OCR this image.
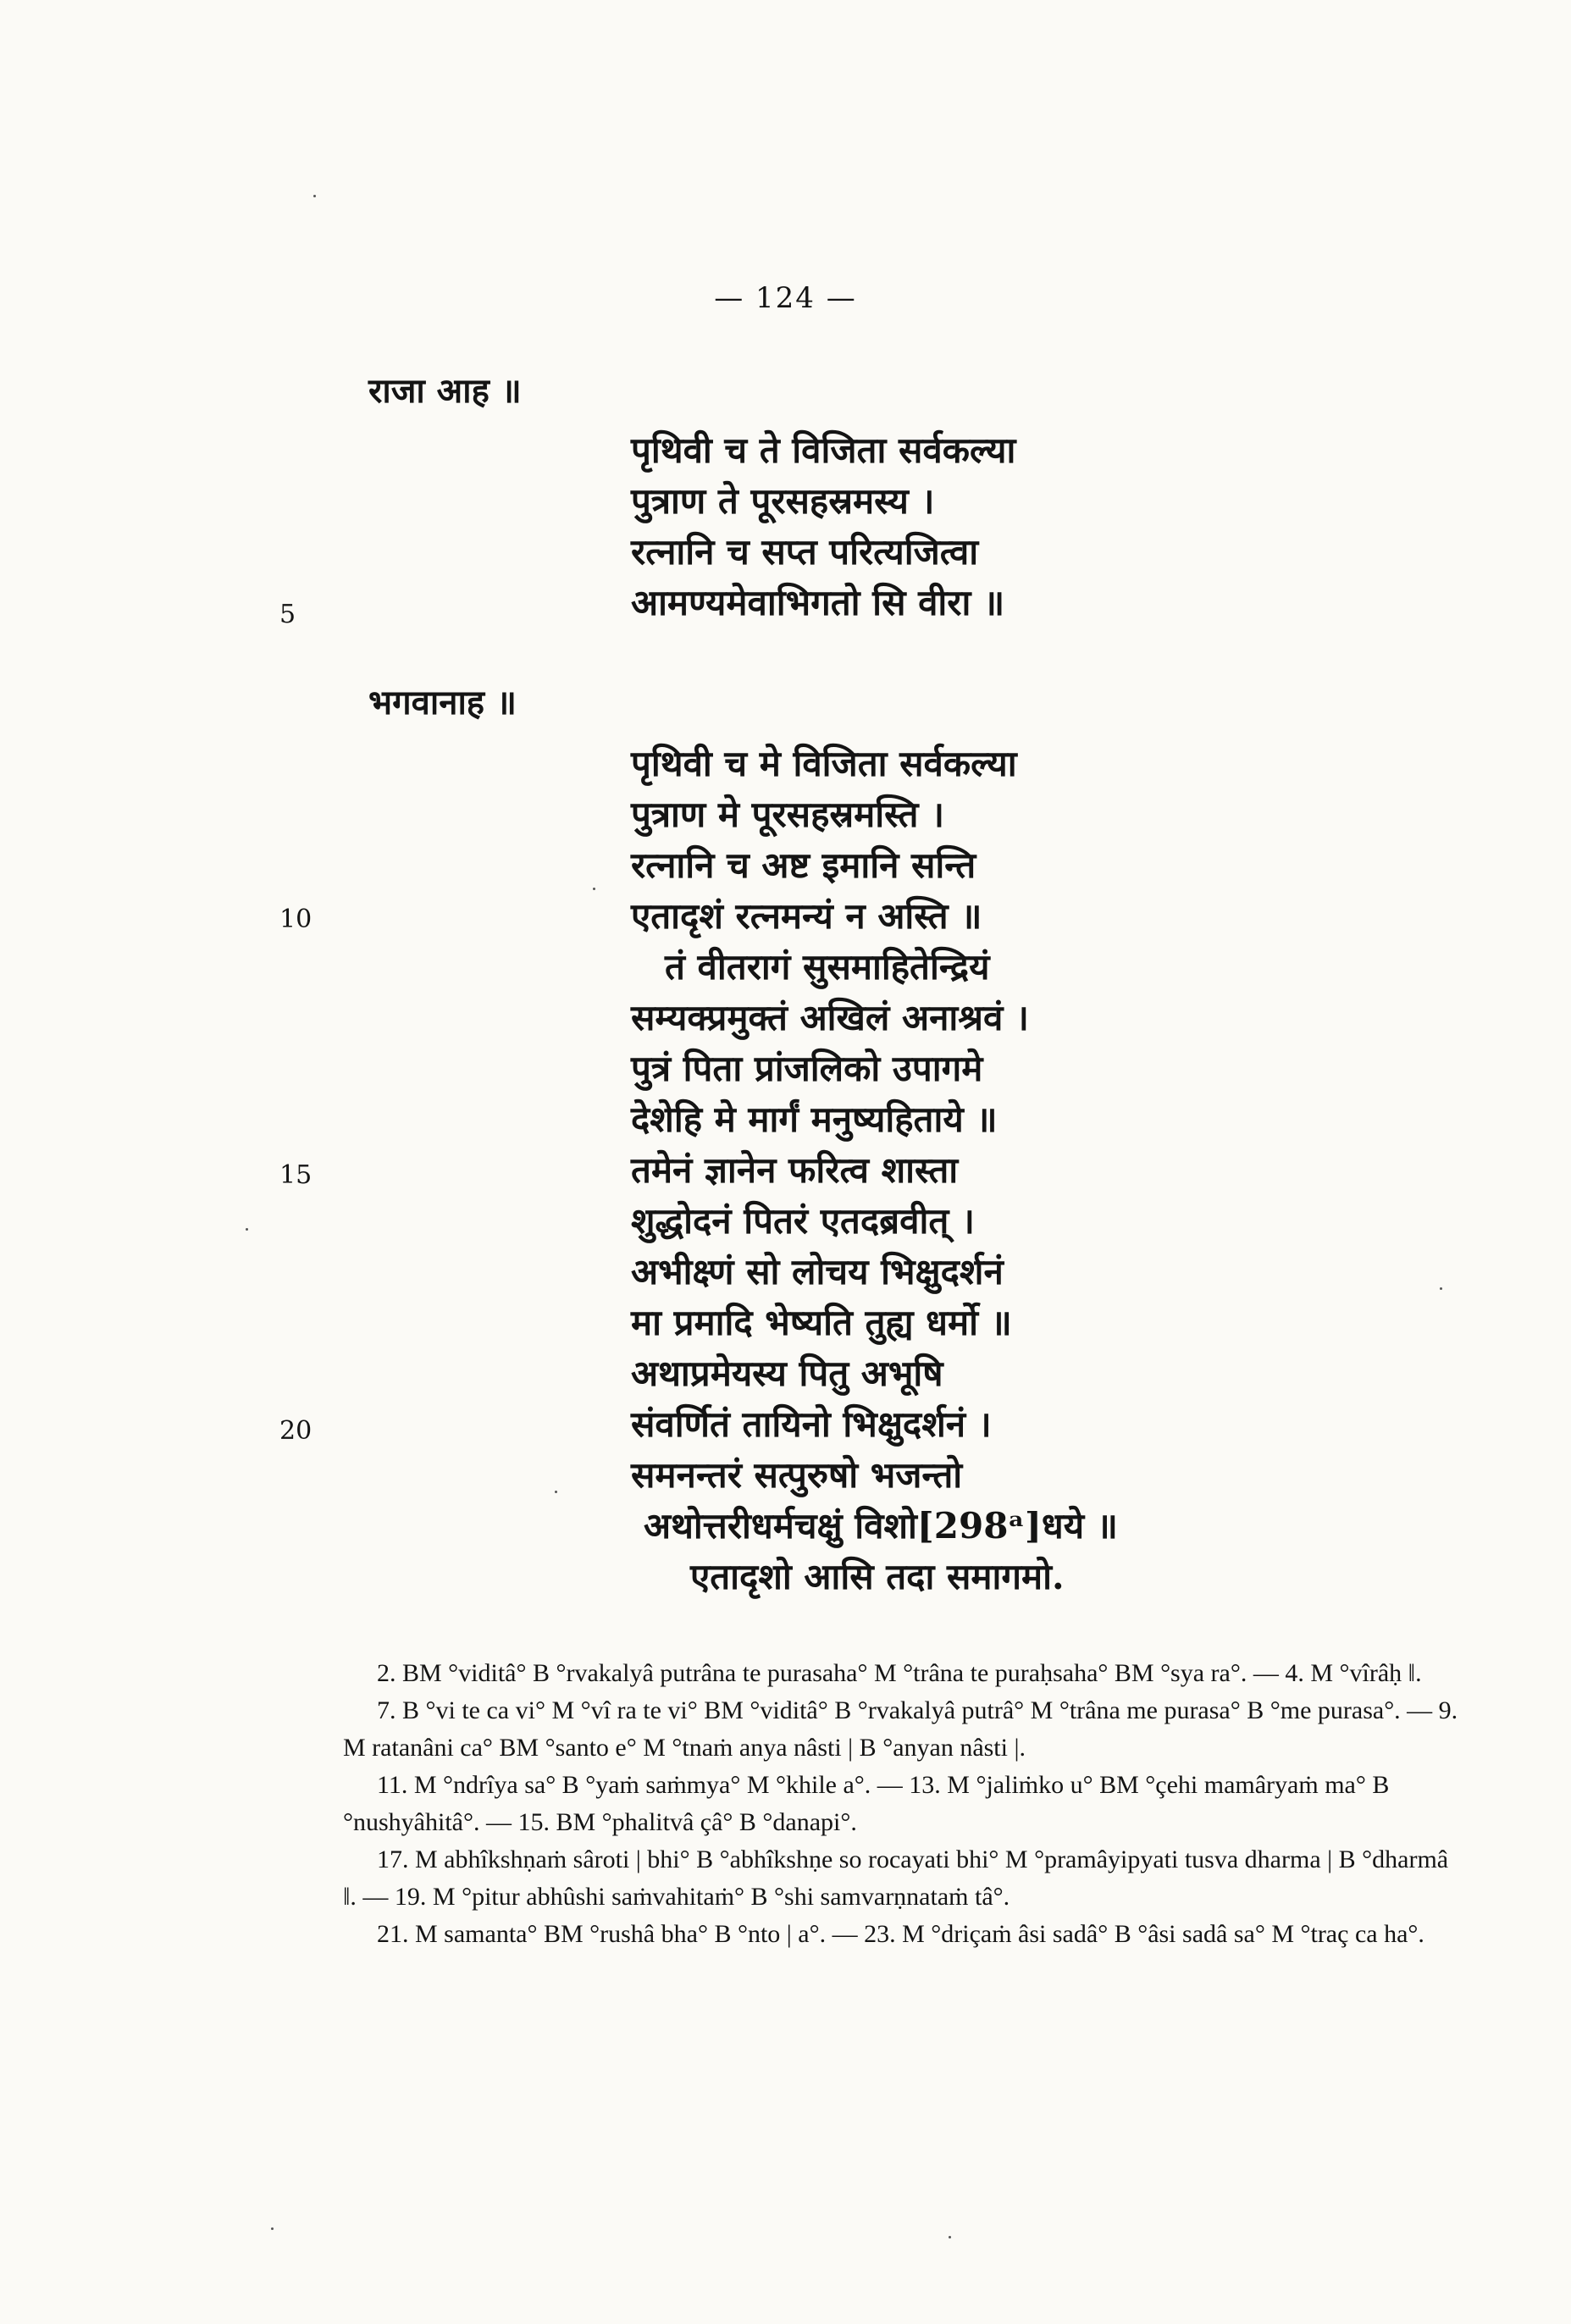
— 124 —
राजा आह ॥
पृथिवी च ते विजिता सर्वकल्या
पुत्राण ते पूरसहस्रमस्य ।
रत्नानि च सप्त परित्यजित्वा
आमण्यमेवाभिगतो सि वीरा ॥
5
भगवानाह ॥
पृथिवी च मे विजिता सर्वकल्या
पुत्राण मे पूरसहस्रमस्ति ।
रत्नानि च अष्ट इमानि सन्ति
एतादृशं रत्नमन्यं न अस्ति ॥
तं वीतरागं सुसमाहितेन्द्रियं
सम्यक्प्रमुक्तं अखिलं अनाश्रवं ।
पुत्रं पिता प्रांजलिको उपागमे
देशेहि मे मार्गं मनुष्यहिताये ॥
तमेनं ज्ञानेन फरित्व शास्ता
शुद्धोदनं पितरं एतदब्रवीत् ।
अभीक्ष्णं सो लोचय भिक्षुदर्शनं
मा प्रमादि भेष्यति तुह्य धर्मो ॥
अथाप्रमेयस्य पितु अभूषि
संवर्णितं तायिनो भिक्षुदर्शनं ।
समनन्तरं सत्पुरुषो भजन्तो
अथोत्तरीधर्मचक्षुं विशो[298ᵃ]धये ॥
एतादृशो आसि तदा समागमो.
10
15
20

2. BM °viditâ° B °rvakalyâ putrâna te purasaha° M °trâna te puraḥsaha° BM °sya ra°. — 4. M °vîrâḥ ‖.

7. B °vi te ca vi° M °vî ra te vi° BM °viditâ° B °rvakalyâ putrâ° M °trâna me purasa° B °me purasa°. — 9. M ratanâni ca° BM °santo e° M °tnaṁ anya nâsti | B °anyan nâsti |.

11. M °ndrîya sa° B °yaṁ saṁmya° M °khile a°. — 13. M °jaliṁko u° BM °çehi mamâryaṁ ma° B °nushyâhitâ°. — 15. BM °phalitvâ çâ° B °danapi°.

17. M abhîkshṇaṁ sâroti | bhi° B °abhîkshṇe so rocayati bhi° M °pramâyipyati tusva dharma | B °dharmâ ‖. — 19. M °pitur abhûshi saṁvahitaṁ° B °shi samvarṇnataṁ tâ°.

21. M samanta° BM °rushâ bha° B °nto | a°. — 23. M °driçaṁ âsi sadâ° B °âsi sadâ sa° M °traç ca ha°.
